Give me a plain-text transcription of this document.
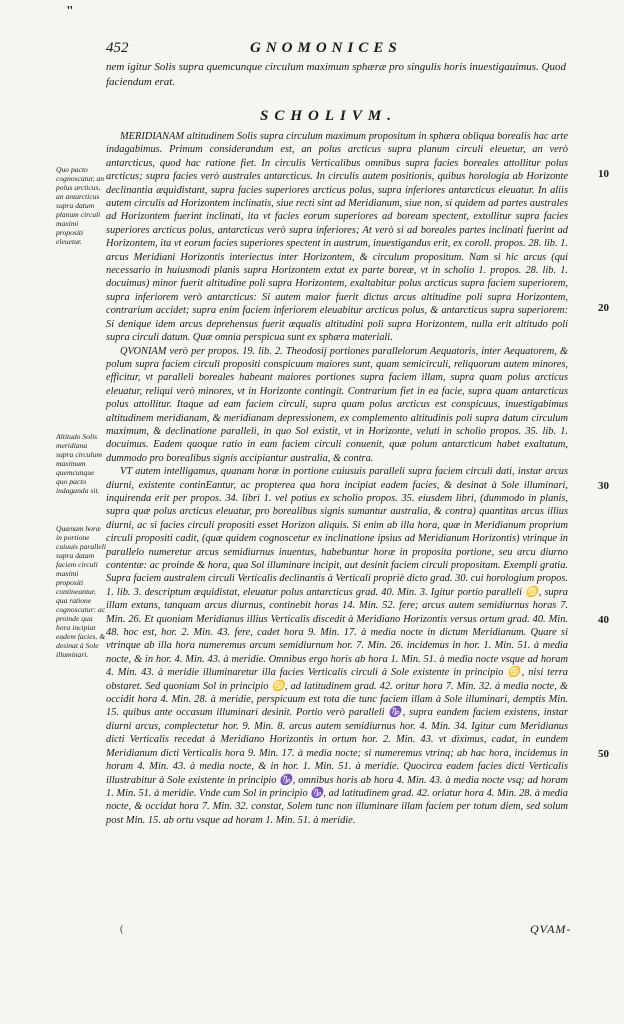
"
452	GNOMONICES
nem igitur Solis supra quemcunque circulum maximum sphæræ pro singulis horis inuestigauimus. Quod faciendum erat.
SCHOLIVM.

MERIDIANAM altitudinem Solis supra circulum maximum propositum in sphæra obliqua borealis hac arte indagabimus. Primum considerandum est, an polus arcticus supra planum circuli eleuetur, an verò antarcticus, quod hac ratione fiet. In circulis Verticalibus omnibus supra facies boreales attollitur polus arcticus; supra facies verò australes antarcticus. In circulis autem positionis, quibus horologia ab Horizonte declinantia æquidistant, supra facies superiores arcticus polus, supra inferiores antarcticus eleuatur. In aliis autem circulis ad Horizontem inclinatis, siue recti sint ad Meridianum, siue non, si quidem ad partes australes ad Horizontem fuerint inclinati, ita vt facies eorum superiores ad boream spectent, extollitur supra facies superiores arcticus polus, antarcticus verò supra inferiores; At verò si ad boreales partes inclinati fuerint ad Horizontem, ita vt eorum facies superiores spectent in austrum, inuestigandus erit, ex coroll. propos. 28. lib. 1. arcus Meridiani Horizontis interiectus inter Horizontem, & circulum propositum. Nam si hic arcus (qui necessario in huiusmodi planis supra Horizontem extat ex parte boreæ, vt in scholio 1. propos. 28. lib. 1. docuimus) minor fuerit altitudine poli supra Horizontem, exaltabitur polus arcticus supra faciem superiorem, supra inferiorem verò antarcticus: Si autem maior fuerit dictus arcus altitudine poli supra Horizontem, contrarium accidet; supra enim faciem inferiorem eleuabitur arcticus polus, & antarcticus supra superiorem: Si denique idem arcus deprehensus fuerit æqualis altitudini poli supra Horizontem, nulla erit altitudo poli supra circuli datum. Quæ omnia perspicua sunt ex sphæra materiali.

QVONIAM verò per propos. 19. lib. 2. Theodosij portiones parallelorum Aequatoris, inter Aequatorem, & polum supra faciem circuli propositi conspicuum maiores sunt, quam semicirculi, reliquorum autem minores, efficitur, vt paralleli boreales habeant maiores portiones supra faciem illam, supra quam polus arcticus eleuatur, reliqui verò minores, vt in Horizonte contingit. Contrarium fiet in ea facie, supra quam antarcticus polus attollitur. Itaque ad eam faciem circuli, supra quam polus arcticus est conspicuus, inuestigabimus altitudinem meridianam, & meridianam depressionem, ex complemento altitudinis poli supra datum circulum maximum, & declinatione paralleli, in quo Sol existit, vt in Horizonte, veluti in scholio propos. 35. lib. 1. docuimus. Eadem quoque ratio in eam faciem circuli conuenit, quæ polum antarcticum habet exaltatum, dummodo pro borealibus signis accipiantur australia, & contra.

VT autem intelligamus, quanam horæ in portione cuiusuis paralleli supra faciem circuli dati, instar arcus diurni, existente continEantur, ac propterea qua hora incipiat eadem facies, & desinat à Sole illuminari, inquirenda erit per propos. 34. libri 1. vel potius ex scholio propos. 35. eiusdem libri, (dummodo in planis, supra quæ polus arcticus eleuatur, pro borealibus signis sumantur australia, & contra) quantitas arcus illius diurni, ac si facies circuli propositi esset Horizon aliquis. Si enim ab illa hora, quæ in Meridianum proprium circuli propositi cadit, (quæ quidem cognoscetur ex inclinatione ipsius ad Meridianum Horizontis) vtrinque in parallelo numeretur arcus semidiurnus inuentus, habebuntur horæ in proposita portione, seu arcu diurno contentæ: ac proinde & hora, qua Sol illuminare incipit, aut desinit faciem circuli propositam. Exempli gratia. Supra faciem australem circuli Verticalis declinantis à Verticali propriè dicto grad. 30. cui horologium propos. 1. lib. 3. descriptum æquidistat, eleuatur polus antarcticus grad. 40. Min. 3. Igitur portio paralleli ♋, supra illam extans, tanquam arcus diurnus, continebit horas 14. Min. 52. fere; arcus autem semidiurnus horas 7. Min. 26. Et quoniam Meridianus illius Verticalis discedit à Meridiano Horizontis versus ortum grad. 40. Min. 48. hoc est, hor. 2. Min. 43. fere, cadet hora 9. Min. 17. à media nocte in dictum Meridianum. Quare si vtrinque ab illa hora numeremus arcum semidiurnum hor. 7. Min. 26. incidemus in hor. 1. Min. 51. à media nocte, & in hor. 4. Min. 43. à meridie. Omnibus ergo horis ab hora 1. Min. 51. à media nocte vsque ad horam 4. Min. 43. à meridie illuminaretur illa facies Verticalis circuli à Sole existente in principio ♋, nisi terra obstaret. Sed quoniam Sol in principio ♋, ad latitudinem grad. 42. oritur hora 7. Min. 32. à media nocte, & occidit hora 4. Min. 28. à meridie, perspicuum est tota die tunc faciem illam à Sole illuminari, demptis Min. 15. quibus ante occasum illuminari desinit. Portio verò paralleli ♑, supra eandem faciem existens, instar diurni arcus, complectetur hor. 9. Min. 8. arcus autem semidiurnus hor. 4. Min. 34. Igitur cum Meridianus dicti Verticalis recedat à Meridiano Horizontis in ortum hor. 2. Min. 43. vt diximus, cadat, in eundem Meridianum dicti Verticalis hora 9. Min. 17. à media nocte; si numeremus vtrinq; ab hac hora, incidemus in horam 4. Min. 43. à media nocte, & in hor. 1. Min. 51. à meridie. Quocirca eadem facies dicti Verticalis illustrabitur à Sole existente in principio ♑, omnibus horis ab hora 4. Min. 43. à media nocte vsq; ad horam 1. Min. 51. à meridie. Vnde cum Sol in principio ♑, ad latitudinem grad. 42. oriatur hora 4. Min. 28. à media nocte, & occidat hora 7. Min. 32. constat, Solem tunc non illuminare illam faciem per totum diem, sed solum post Min. 15. ab ortu vsque ad horam 1. Min. 51. à meridie.

Quo pacto cognoscatur, an polus arcticus, an antarcticus supra datum planum circuli maximi propositi eleuetur.
Altitudo Solis meridiana supra circulum maximum quemcunque quo pacto indaganda sit.
Quænam horæ in portione cuiuuis paralleli supra datam faciem circuli maximi propositi contineantur, qua ratione cognoscatur: ac proinde qua hora incipiat eadem facies, & desinat à Sole illuminari.
10
20
30
40
50
(	QVAM-
